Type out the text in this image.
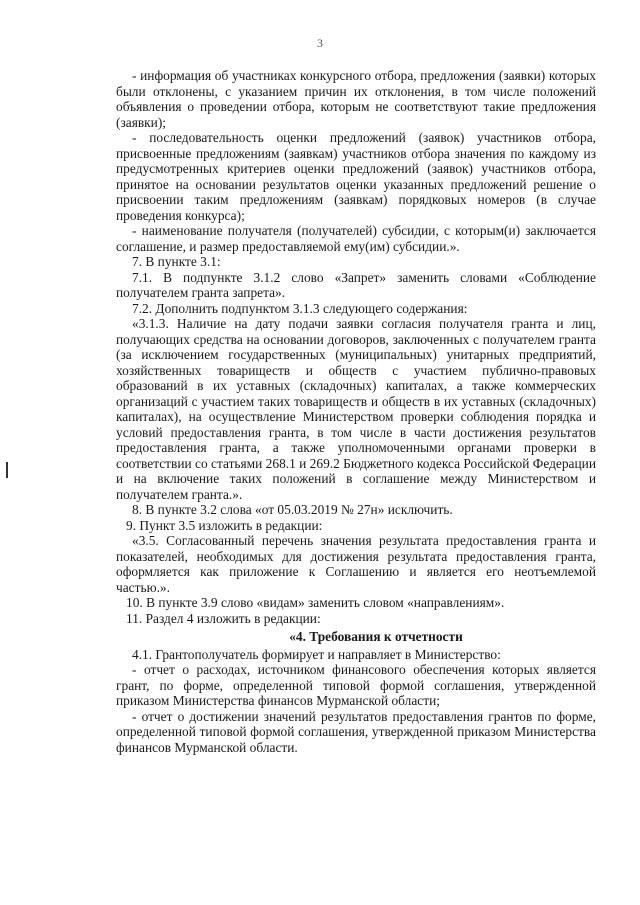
3

- информация об участниках конкурсного отбора, предложения (заявки) которых были отклонены, с указанием причин их отклонения, в том числе положений объявления о проведении отбора, которым не соответствуют такие предложения (заявки);

- последовательность оценки предложений (заявок) участников отбора, присвоенные предложениям (заявкам) участников отбора значения по каждому из предусмотренных критериев оценки предложений (заявок) участников отбора, принятое на основании результатов оценки указанных предложений решение о присвоении таким предложениям (заявкам) порядковых номеров (в случае проведения конкурса);

- наименование получателя (получателей) субсидии, с которым(и) заключается соглашение, и размер предоставляемой ему(им) субсидии.».

7. В пункте 3.1:

7.1. В подпункте 3.1.2 слово «Запрет» заменить словами «Соблюдение получателем гранта запрета».

7.2. Дополнить подпунктом 3.1.3 следующего содержания:

«3.1.3. Наличие на дату подачи заявки согласия получателя гранта и лиц, получающих средства на основании договоров, заключенных с получателем гранта (за исключением государственных (муниципальных) унитарных предприятий, хозяйственных товариществ и обществ с участием публично-правовых образований в их уставных (складочных) капиталах, а также коммерческих организаций с участием таких товариществ и обществ в их уставных (складочных) капиталах), на осуществление Министерством проверки соблюдения порядка и условий предоставления гранта, в том числе в части достижения результатов предоставления гранта, а также уполномоченными органами проверки в соответствии со статьями 268.1 и 269.2 Бюджетного кодекса Российской Федерации и на включение таких положений в соглашение между Министерством и получателем гранта.».

8. В пункте 3.2 слова «от 05.03.2019 № 27н» исключить.

9. Пункт 3.5 изложить в редакции:

«3.5. Согласованный перечень значения результата предоставления гранта и показателей, необходимых для достижения результата предоставления гранта, оформляется как приложение к Соглашению и является его неотъемлемой частью.».

10. В пункте 3.9 слово «видам» заменить словом «направлениям».

11. Раздел 4 изложить в редакции:

«4. Требования к отчетности

4.1. Грантополучатель формирует и направляет в Министерство:

- отчет о расходах, источником финансового обеспечения которых является грант, по форме, определенной типовой формой соглашения, утвержденной приказом Министерства финансов Мурманской области;

- отчет о достижении значений результатов предоставления грантов по форме, определенной типовой формой соглашения, утвержденной приказом Министерства финансов Мурманской области.
